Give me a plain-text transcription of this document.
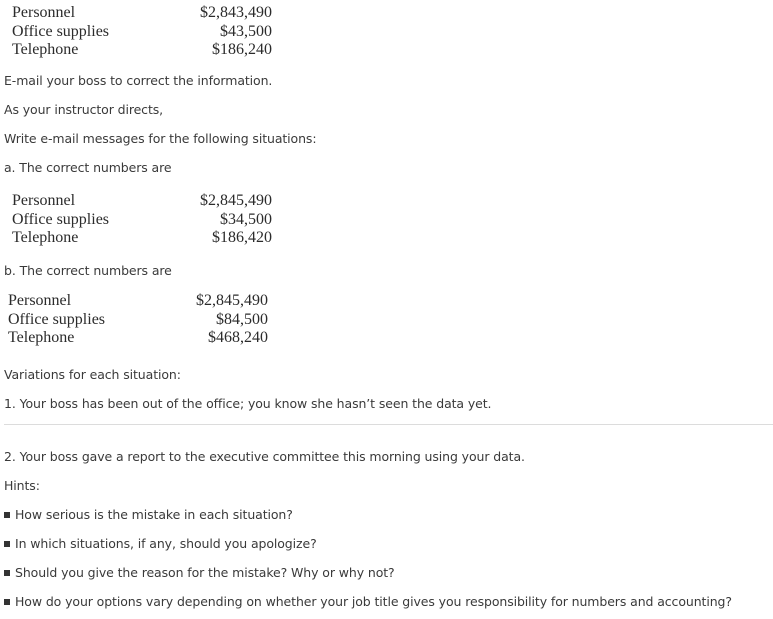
Personnel	$2,843,490
Office supplies	$43,500
Telephone	$186,240
E-mail your boss to correct the information.
As your instructor directs,
Write e-mail messages for the following situations:
a. The correct numbers are
Personnel	$2,845,490
Office supplies	$34,500
Telephone	$186,420
b. The correct numbers are
Personnel	$2,845,490
Office supplies	$84,500
Telephone	$468,240
Variations for each situation:
1. Your boss has been out of the office; you know she hasn’t seen the data yet.
2. Your boss gave a report to the executive committee this morning using your data.
Hints:
How serious is the mistake in each situation?
In which situations, if any, should you apologize?
Should you give the reason for the mistake? Why or why not?
How do your options vary depending on whether your job title gives you responsibility for numbers and accounting?
